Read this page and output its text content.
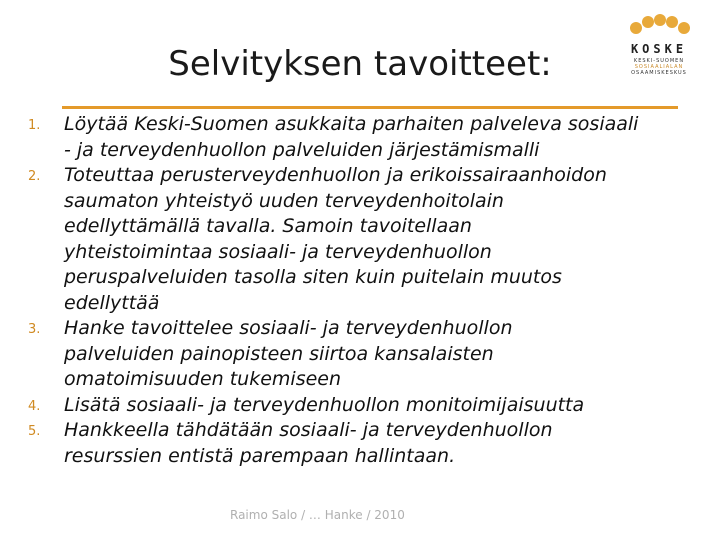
KOSKE
KESKI-SUOMEN
SOSIAALIALAN
OSAAMISKESKUS
Selvityksen tavoitteet:
1. Löytää Keski-Suomen asukkaita parhaiten palveleva sosiaali
- ja terveydenhuollon palveluiden järjestämismalli
2. Toteuttaa perusterveydenhuollon ja erikoissairaanhoidon
saumaton yhteistyö uuden terveydenhoitolain
edellyttämällä tavalla. Samoin tavoitellaan
yhteistoimintaa sosiaali- ja terveydenhuollon
peruspalveluiden tasolla siten kuin puitelain muutos
edellyttää
3. Hanke tavoittelee sosiaali- ja terveydenhuollon
palveluiden painopisteen siirtoa kansalaisten
omatoimisuuden tukemiseen
4. Lisätä sosiaali- ja terveydenhuollon monitoimijaisuutta
5. Hankkeella tähdätään sosiaali- ja terveydenhuollon
resurssien entistä parempaan hallintaan.
Raimo Salo / … Hanke / 2010
